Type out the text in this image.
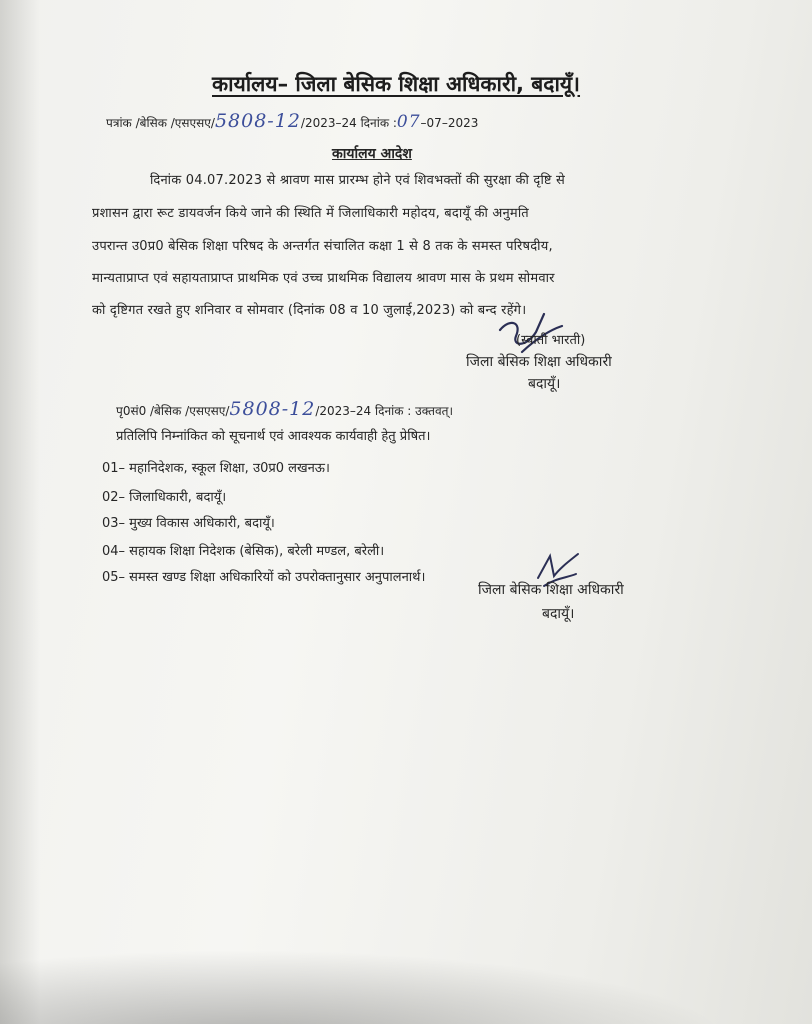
कार्यालय– जिला बेसिक शिक्षा अधिकारी, बदायूँ।
पत्रांक /बेसिक /एसएसए/5808-12/2023–24 दिनांक :07–07–2023
कार्यालय आदेश
दिनांक 04.07.2023 से श्रावण मास प्रारम्भ होने एवं शिवभक्तों की सुरक्षा की दृष्टि से
प्रशासन द्वारा रूट डायवर्जन किये जाने की स्थिति में जिलाधिकारी महोदय, बदायूँ की अनुमति
उपरान्त उ0प्र0 बेसिक शिक्षा परिषद के अन्तर्गत संचालित कक्षा 1 से 8 तक के समस्त परिषदीय,
मान्यताप्राप्त एवं सहायताप्राप्त प्राथमिक एवं उच्च प्राथमिक विद्यालय श्रावण मास के प्रथम सोमवार
को दृष्टिगत रखते हुए शनिवार व सोमवार (दिनांक 08 व 10 जुलाई,2023) को बन्द रहेंगे।
(स्वाती भारती)
जिला बेसिक शिक्षा अधिकारी
बदायूँ।
पृ0सं0 /बेसिक /एसएसए/5808-12/2023–24 दिनांक : उक्तवत्।
प्रतिलिपि निम्नांकित को सूचनार्थ एवं आवश्यक कार्यवाही हेतु प्रेषित।
01– महानिदेशक, स्कूल शिक्षा, उ0प्र0 लखनऊ।
02– जिलाधिकारी, बदायूँ।
03– मुख्य विकास अधिकारी, बदायूँ।
04– सहायक शिक्षा निदेशक (बेसिक), बरेली मण्डल, बरेली।
05– समस्त खण्ड शिक्षा अधिकारियों को उपरोक्तानुसार अनुपालनार्थ।
जिला बेसिक शिक्षा अधिकारी
बदायूँ।
